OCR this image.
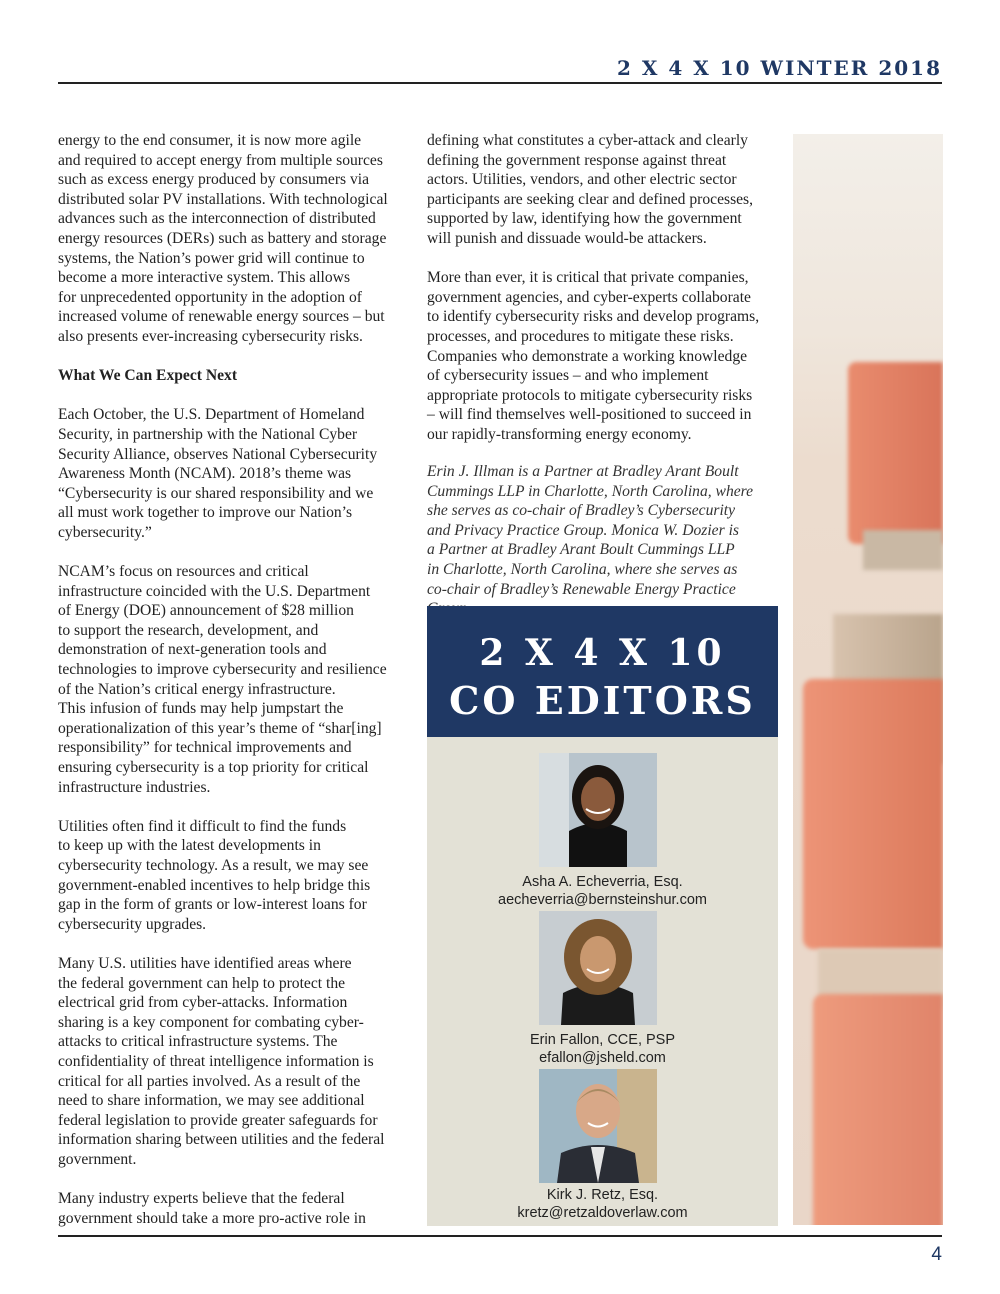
2 X 4 X 10 WINTER 2018

energy to the end consumer, it is now more agile
and required to accept energy from multiple sources
such as excess energy produced by consumers via
distributed solar PV installations. With technological
advances such as the interconnection of distributed
energy resources (DERs) such as battery and storage
systems, the Nation’s power grid will continue to
become a more interactive system. This allows
for unprecedented opportunity in the adoption of
increased volume of renewable energy sources – but
also presents ever-increasing cybersecurity risks.

What We Can Expect Next

Each October, the U.S. Department of Homeland
Security, in partnership with the National Cyber
Security Alliance, observes National Cybersecurity
Awareness Month (NCAM). 2018’s theme was
“Cybersecurity is our shared responsibility and we
all must work together to improve our Nation’s
cybersecurity.”

NCAM’s focus on resources and critical
infrastructure coincided with the U.S. Department
of Energy (DOE) announcement of $28 million
to support the research, development, and
demonstration of next-generation tools and
technologies to improve cybersecurity and resilience
of the Nation’s critical energy infrastructure.
This infusion of funds may help jumpstart the
operationalization of this year’s theme of “shar[ing]
responsibility” for technical improvements and
ensuring cybersecurity is a top priority for critical
infrastructure industries.

Utilities often find it difficult to find the funds
to keep up with the latest developments in
cybersecurity technology. As a result, we may see
government-enabled incentives to help bridge this
gap in the form of grants or low-interest loans for
cybersecurity upgrades.

Many U.S. utilities have identified areas where
the federal government can help to protect the
electrical grid from cyber-attacks. Information
sharing is a key component for combating cyber-
attacks to critical infrastructure systems. The
confidentiality of threat intelligence information is
critical for all parties involved. As a result of the
need to share information, we may see additional
federal legislation to provide greater safeguards for
information sharing between utilities and the federal
government.

Many industry experts believe that the federal
government should take a more pro-active role in

defining what constitutes a cyber-attack and clearly
defining the government response against threat
actors. Utilities, vendors, and other electric sector
participants are seeking clear and defined processes,
supported by law, identifying how the government
will punish and dissuade would-be attackers.

More than ever, it is critical that private companies,
government agencies, and cyber-experts collaborate
to identify cybersecurity risks and develop programs,
processes, and procedures to mitigate these risks.
Companies who demonstrate a working knowledge
of cybersecurity issues – and who implement
appropriate protocols to mitigate cybersecurity risks
– will find themselves well-positioned to succeed in
our rapidly-transforming energy economy.

Erin J. Illman is a Partner at Bradley Arant Boult
Cummings LLP in Charlotte, North Carolina, where
she serves as co-chair of Bradley’s Cybersecurity
and Privacy Practice Group. Monica W. Dozier is
a Partner at Bradley Arant Boult Cummings LLP
in Charlotte, North Carolina, where she serves as
co-chair of Bradley’s Renewable Energy Practice

2 X 4 X 10
CO EDITORS
Asha A. Echeverria, Esq.
aecheverria@bernsteinshur.com
Erin Fallon, CCE, PSP
efallon@jsheld.com
Kirk J. Retz, Esq.
kretz@retzaldoverlaw.com
4
